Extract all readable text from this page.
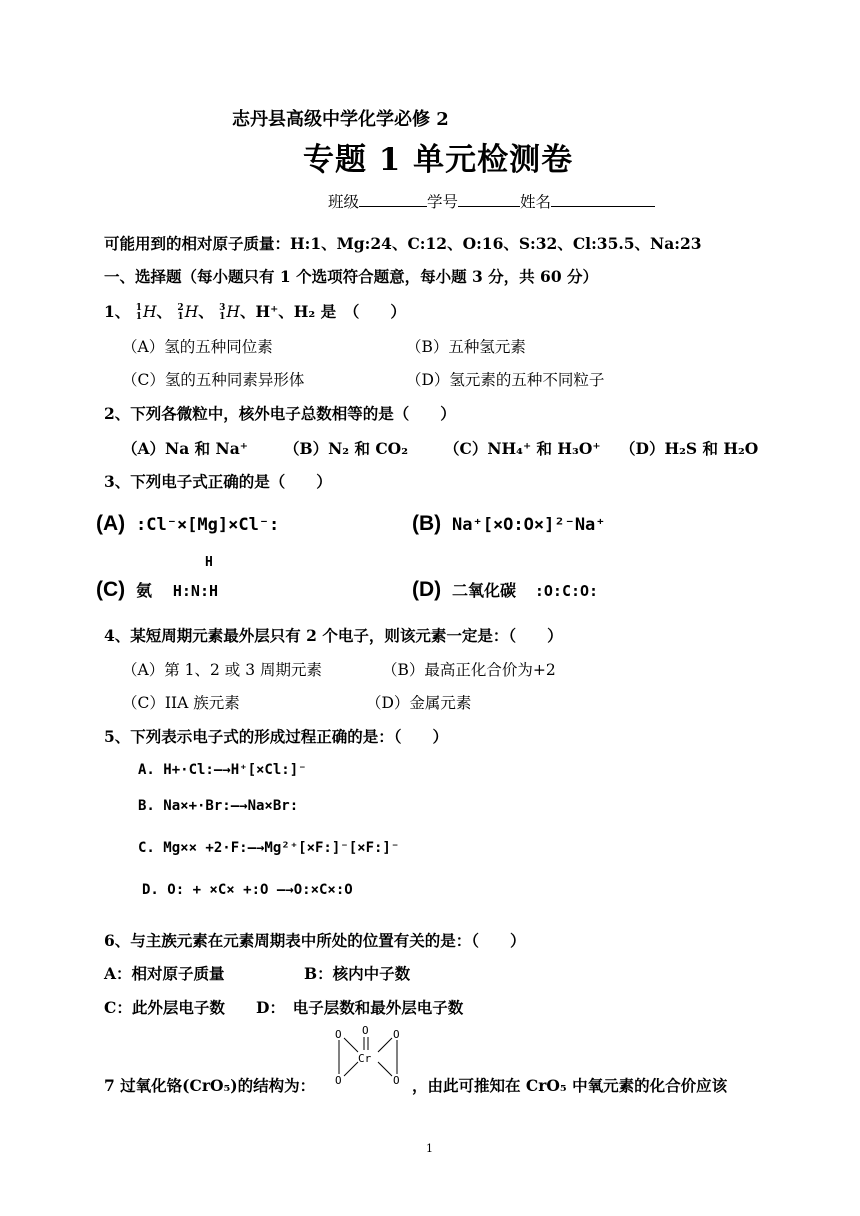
志丹县高级中学化学必修 2
专题 1 单元检测卷
班级	学号	姓名
可能用到的相对原子质量：H:1、Mg:24、C:12、O:16、S:32、Cl:35.5、Na:23
一、选择题（每小题只有 1 个选项符合题意，每小题 3 分，共 60 分）
1、 1
1H、 2
1H、 3
1H、H⁺、H₂ 是　（　　）
（A）氢的五种同位素	（B）五种氢元素
（C）氢的五种同素异形体	（D）氢元素的五种不同粒子
2、下列各微粒中，核外电子总数相等的是（　　）
（A）Na 和 Na⁺ （B）N₂ 和 CO₂ （C）NH₄⁺ 和 H₃O⁺ （D）H₂S 和 H₂O
3、下列电子式正确的是（　　）
(A) :Cl⁻×[Mg]×Cl⁻:	(B) Na⁺[×O:O×]²⁻Na⁺
H
(C) 氨 H:N:H	(D) 二氧化碳 :O:C:O:
4、某短周期元素最外层只有 2 个电子，则该元素一定是：（　　）
（A）第 1、2 或 3 周期元素	（B）最高正化合价为+2
（C）IIA 族元素	（D）金属元素
5、下列表示电子式的形成过程正确的是：（　　）
A. H+·Cl:—→H⁺[×Cl:]⁻
B. Na×+·Br:—→Na×Br:
C. Mg×× +2·F:—→Mg²⁺[×F:]⁻[×F:]⁻
D. O: + ×C× +:O —→O:×C×:O
6、与主族元素在元素周期表中所处的位置有关的是：（　　）
A：相对原子质量	B：核内中子数
C：此外层电子数 D：　电子层数和最外层电子数
7 过氧化铬(CrO₅)的结构为：
O O O
Cr
O	O ，由此可推知在 CrO₅ 中氧元素的化合价应该
1
